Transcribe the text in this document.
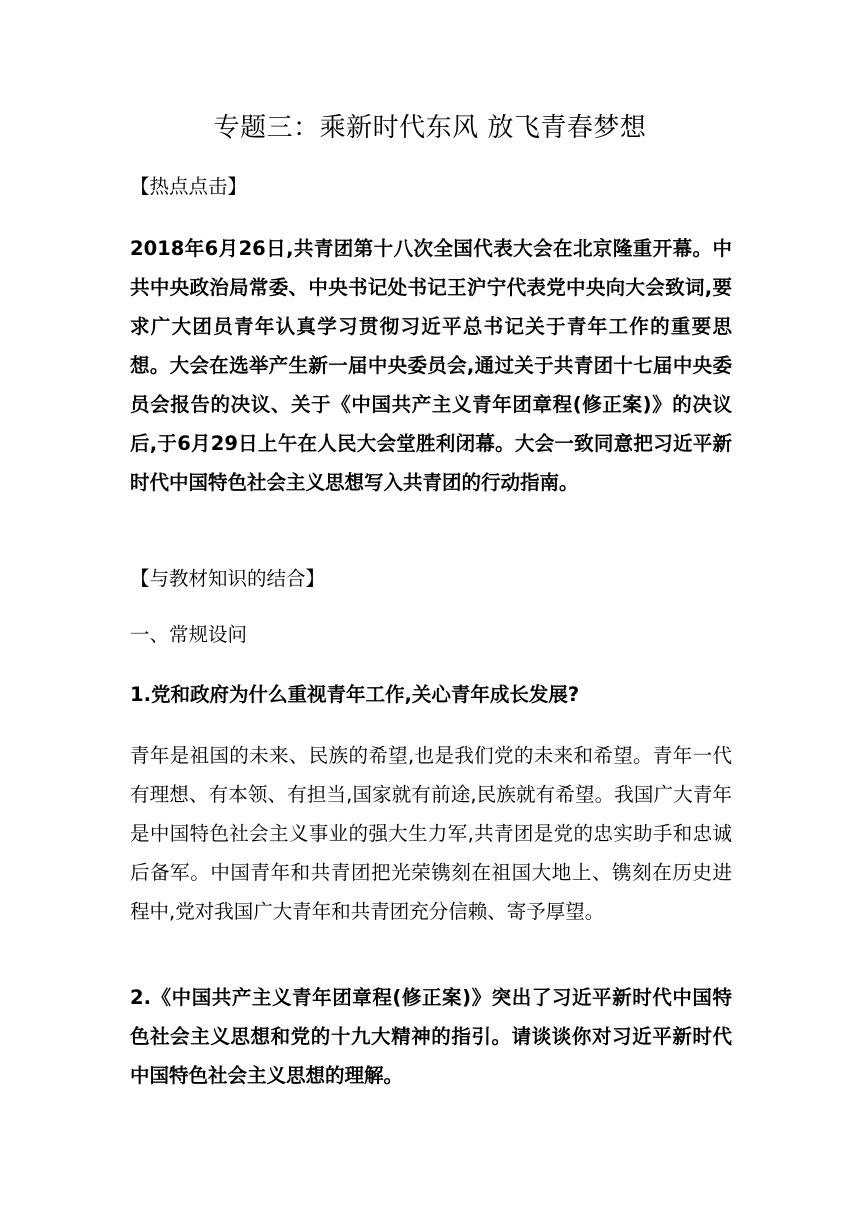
专题三：乘新时代东风 放飞青春梦想
【热点点击】
2018年6月26日,共青团第十八次全国代表大会在北京隆重开幕。中共中央政治局常委、中央书记处书记王沪宁代表党中央向大会致词,要求广大团员青年认真学习贯彻习近平总书记关于青年工作的重要思想。大会在选举产生新一届中央委员会,通过关于共青团十七届中央委员会报告的决议、关于《中国共产主义青年团章程(修正案)》的决议后,于6月29日上午在人民大会堂胜利闭幕。大会一致同意把习近平新时代中国特色社会主义思想写入共青团的行动指南。
【与教材知识的结合】
一、常规设问
1.党和政府为什么重视青年工作,关心青年成长发展?
青年是祖国的未来、民族的希望,也是我们党的未来和希望。青年一代有理想、有本领、有担当,国家就有前途,民族就有希望。我国广大青年是中国特色社会主义事业的强大生力军,共青团是党的忠实助手和忠诚后备军。中国青年和共青团把光荣镌刻在祖国大地上、镌刻在历史进程中,党对我国广大青年和共青团充分信赖、寄予厚望。
2.《中国共产主义青年团章程(修正案)》突出了习近平新时代中国特色社会主义思想和党的十九大精神的指引。请谈谈你对习近平新时代中国特色社会主义思想的理解。
